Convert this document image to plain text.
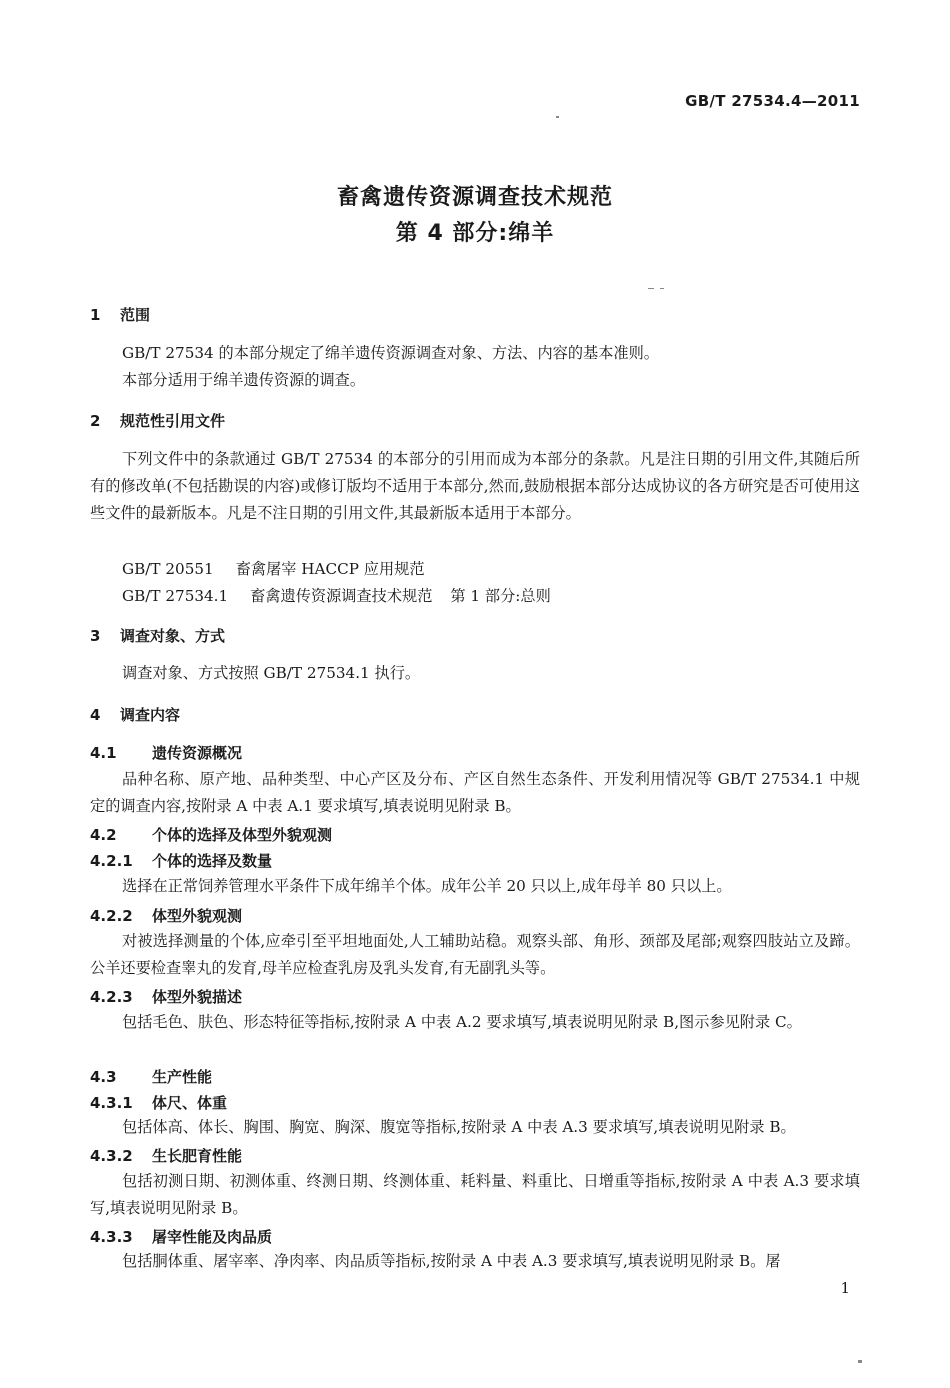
GB/T 27534.4—2011
畜禽遗传资源调查技术规范
第 4 部分:绵羊
1 范围

GB/T 27534 的本部分规定了绵羊遗传资源调查对象、方法、内容的基本准则。

本部分适用于绵羊遗传资源的调查。

2 规范性引用文件

下列文件中的条款通过 GB/T 27534 的本部分的引用而成为本部分的条款。凡是注日期的引用文件,其随后所有的修改单(不包括勘误的内容)或修订版均不适用于本部分,然而,鼓励根据本部分达成协议的各方研究是否可使用这些文件的最新版本。凡是不注日期的引用文件,其最新版本适用于本部分。

GB/T 20551 畜禽屠宰 HACCP 应用规范
GB/T 27534.1 畜禽遗传资源调查技术规范 第 1 部分:总则
3 调查对象、方式

调查对象、方式按照 GB/T 27534.1 执行。

4 调查内容
4.1 遗传资源概况

品种名称、原产地、品种类型、中心产区及分布、产区自然生态条件、开发利用情况等 GB/T 27534.1 中规定的调查内容,按附录 A 中表 A.1 要求填写,填表说明见附录 B。

4.2 个体的选择及体型外貌观测
4.2.1 个体的选择及数量

选择在正常饲养管理水平条件下成年绵羊个体。成年公羊 20 只以上,成年母羊 80 只以上。

4.2.2 体型外貌观测

对被选择测量的个体,应牵引至平坦地面处,人工辅助站稳。观察头部、角形、颈部及尾部;观察四肢站立及蹄。公羊还要检查睾丸的发育,母羊应检查乳房及乳头发育,有无副乳头等。

4.2.3 体型外貌描述

包括毛色、肤色、形态特征等指标,按附录 A 中表 A.2 要求填写,填表说明见附录 B,图示参见附录 C。

4.3 生产性能
4.3.1 体尺、体重

包括体高、体长、胸围、胸宽、胸深、腹宽等指标,按附录 A 中表 A.3 要求填写,填表说明见附录 B。

4.3.2 生长肥育性能

包括初测日期、初测体重、终测日期、终测体重、耗料量、料重比、日增重等指标,按附录 A 中表 A.3 要求填写,填表说明见附录 B。

4.3.3 屠宰性能及肉品质

包括胴体重、屠宰率、净肉率、肉品质等指标,按附录 A 中表 A.3 要求填写,填表说明见附录 B。屠

1
